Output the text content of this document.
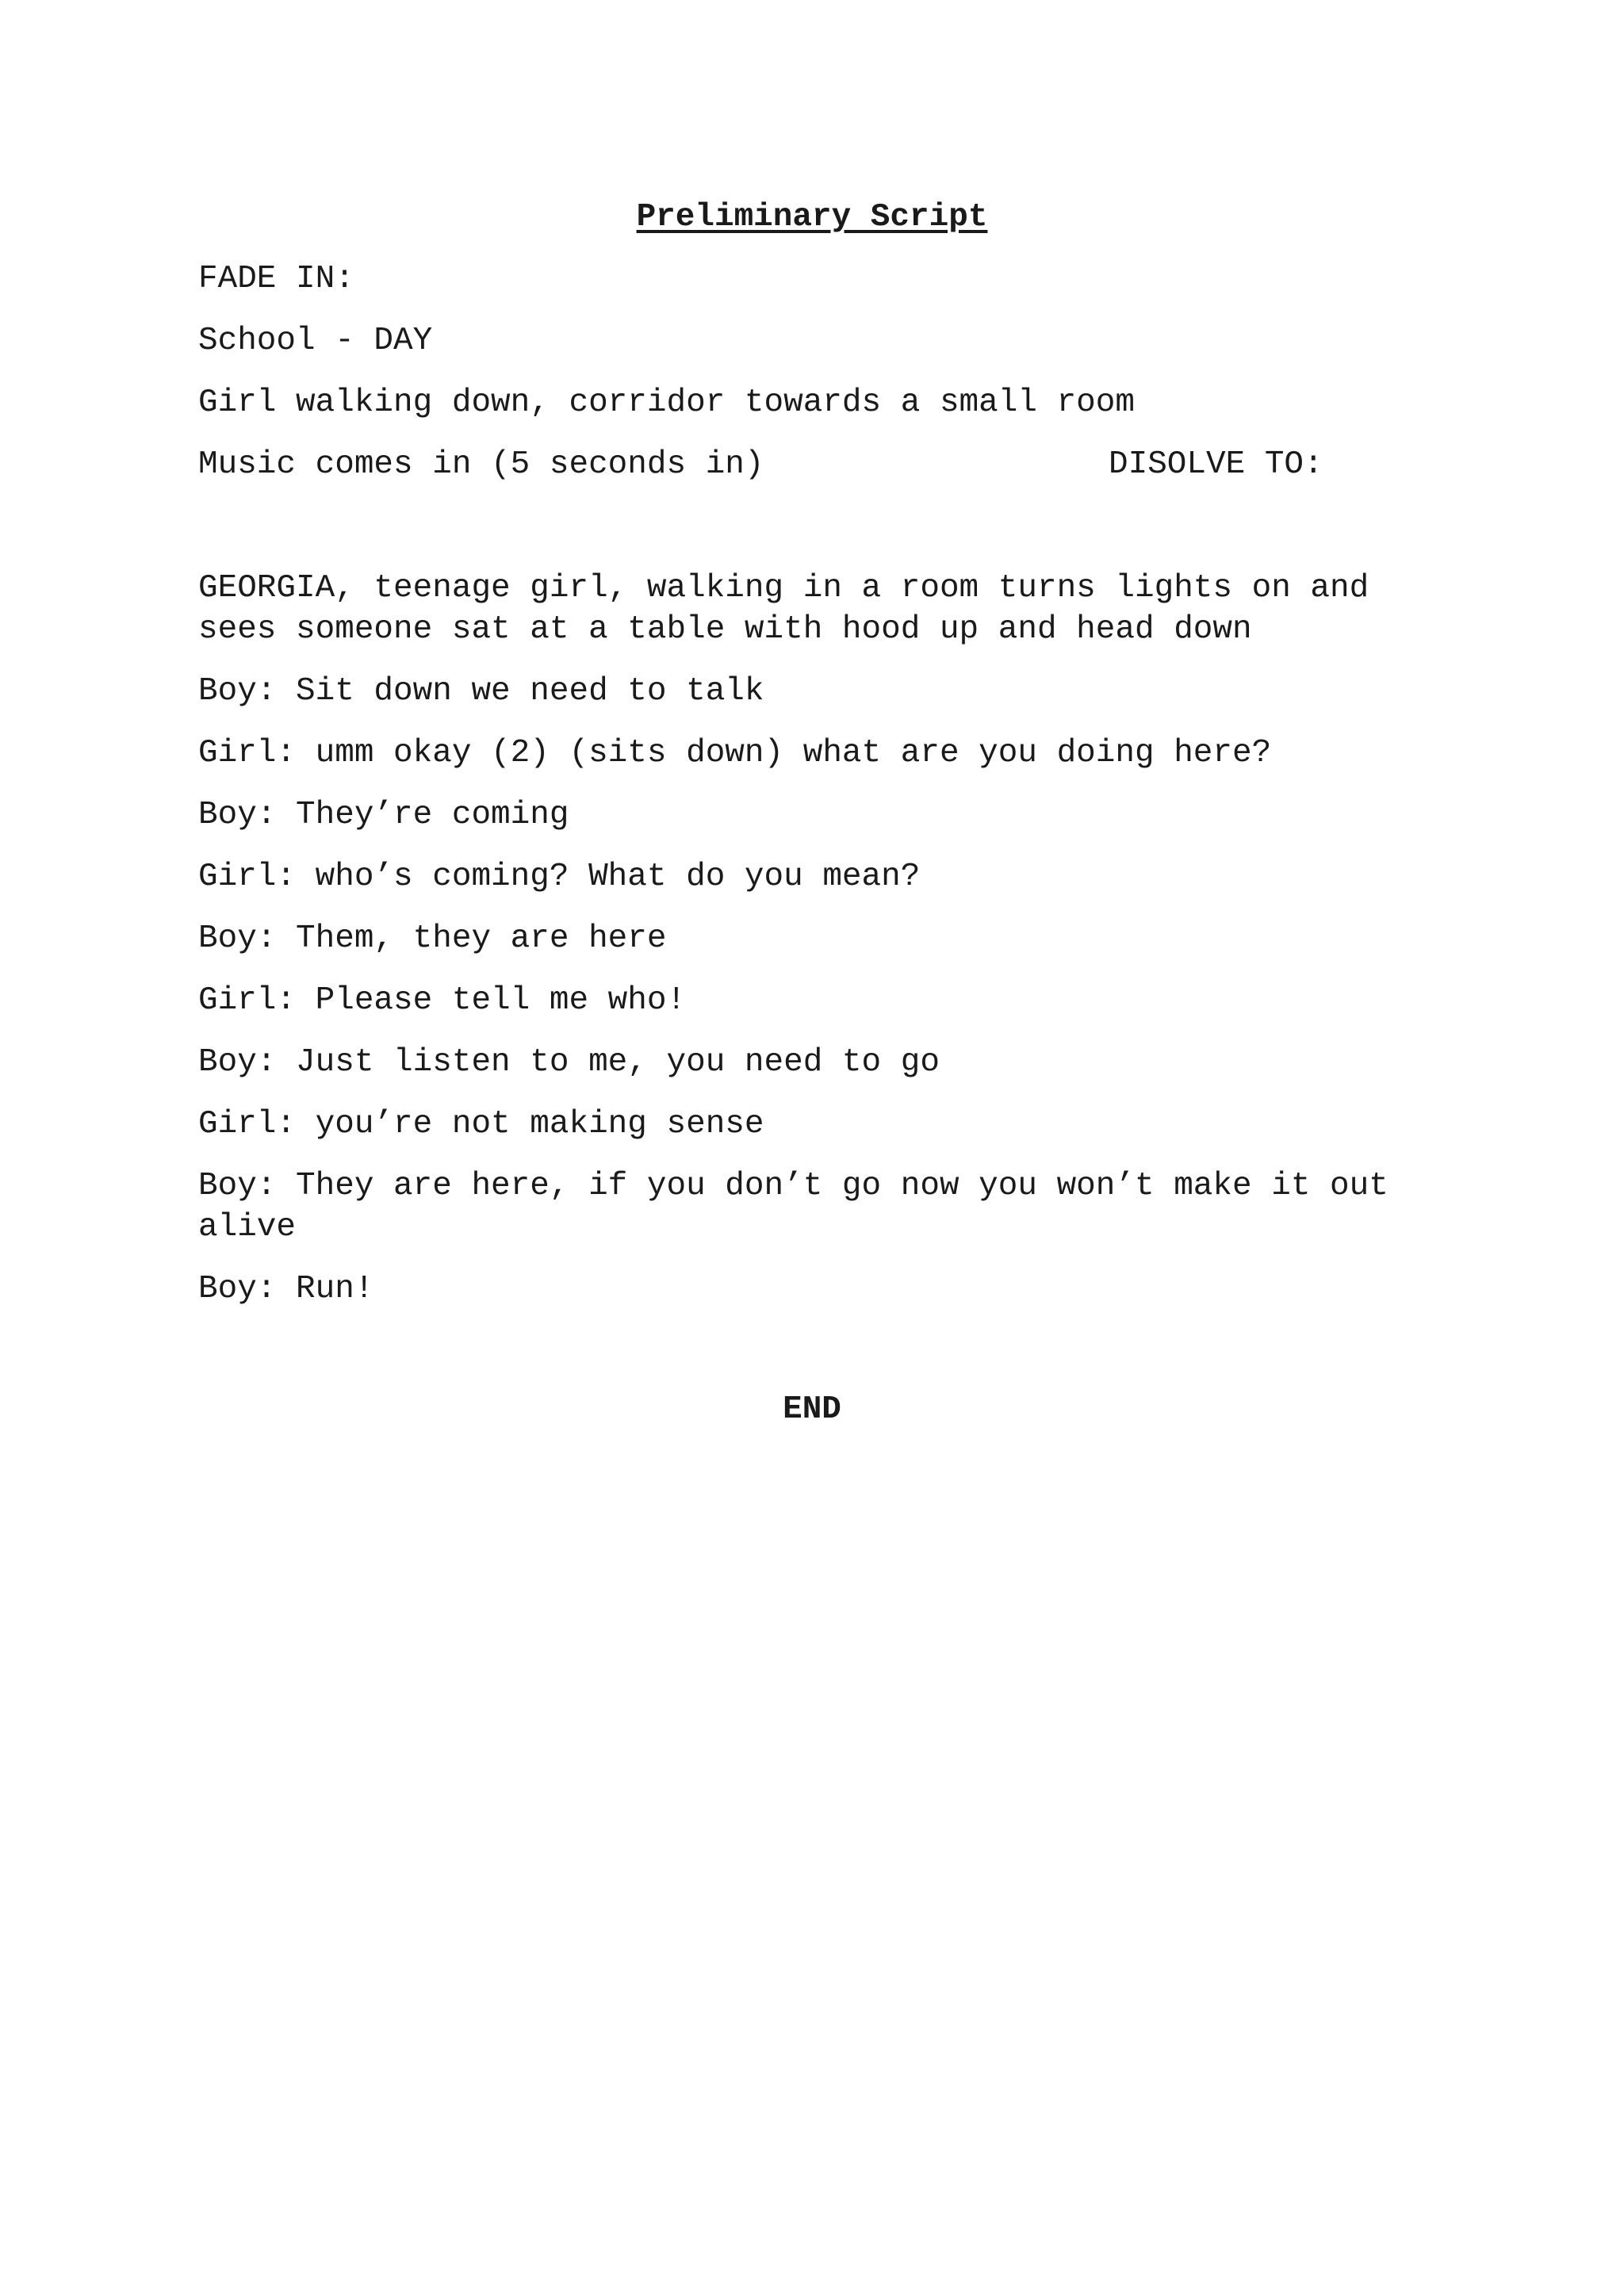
Preliminary Script
FADE IN:
School - DAY
Girl walking down, corridor towards a small room
Music comes in (5 seconds in)	DISOLVE TO:
GEORGIA, teenage girl, walking in a room turns lights on and
sees someone sat at a table with hood up and head down
Boy: Sit down we need to talk
Girl: umm okay (2) (sits down) what are you doing here?
Boy: They’re coming
Girl: who’s coming? What do you mean?
Boy: Them, they are here
Girl: Please tell me who!
Boy: Just listen to me, you need to go
Girl: you’re not making sense
Boy: They are here, if you don’t go now you won’t make it out
alive
Boy: Run!
END
